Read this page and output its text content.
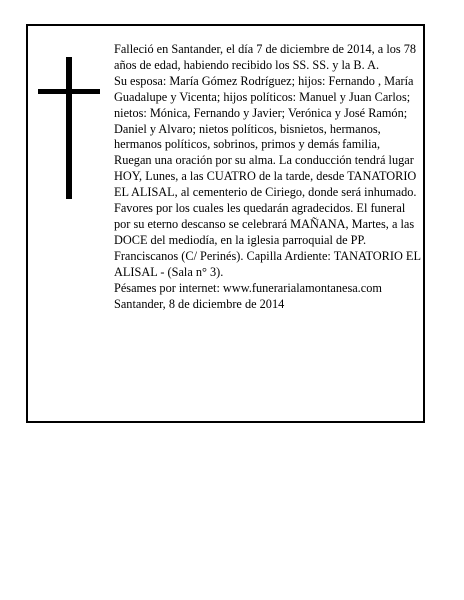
Falleció en Santander, el día 7 de diciembre de 2014, a los 78 años de edad, habiendo recibido los SS. SS. y la B. A.

Su esposa: María Gómez Rodríguez; hijos: Fernando , María Guadalupe y Vicenta; hijos políticos: Manuel y Juan Carlos; nietos: Mónica, Fernando y Javier; Verónica y José Ramón; Daniel y Alvaro; nietos políticos, bisnietos, hermanos, hermanos políticos, sobrinos, primos y demás familia,

Ruegan una oración por su alma. La conducción tendrá lugar HOY, Lunes, a las CUATRO de la tarde, desde TANATORIO EL ALISAL, al cementerio de Ciriego, donde será inhumado. Favores por los cuales les quedarán agradecidos. El funeral por su eterno descanso se celebrará MAÑANA, Martes, a las DOCE del mediodía, en la iglesia parroquial de PP. Franciscanos (C/ Perinés). Capilla Ardiente: TANATORIO EL ALISAL - (Sala n° 3).

Pésames por internet: www.funerarialamontanesa.com

Santander, 8 de diciembre de 2014
